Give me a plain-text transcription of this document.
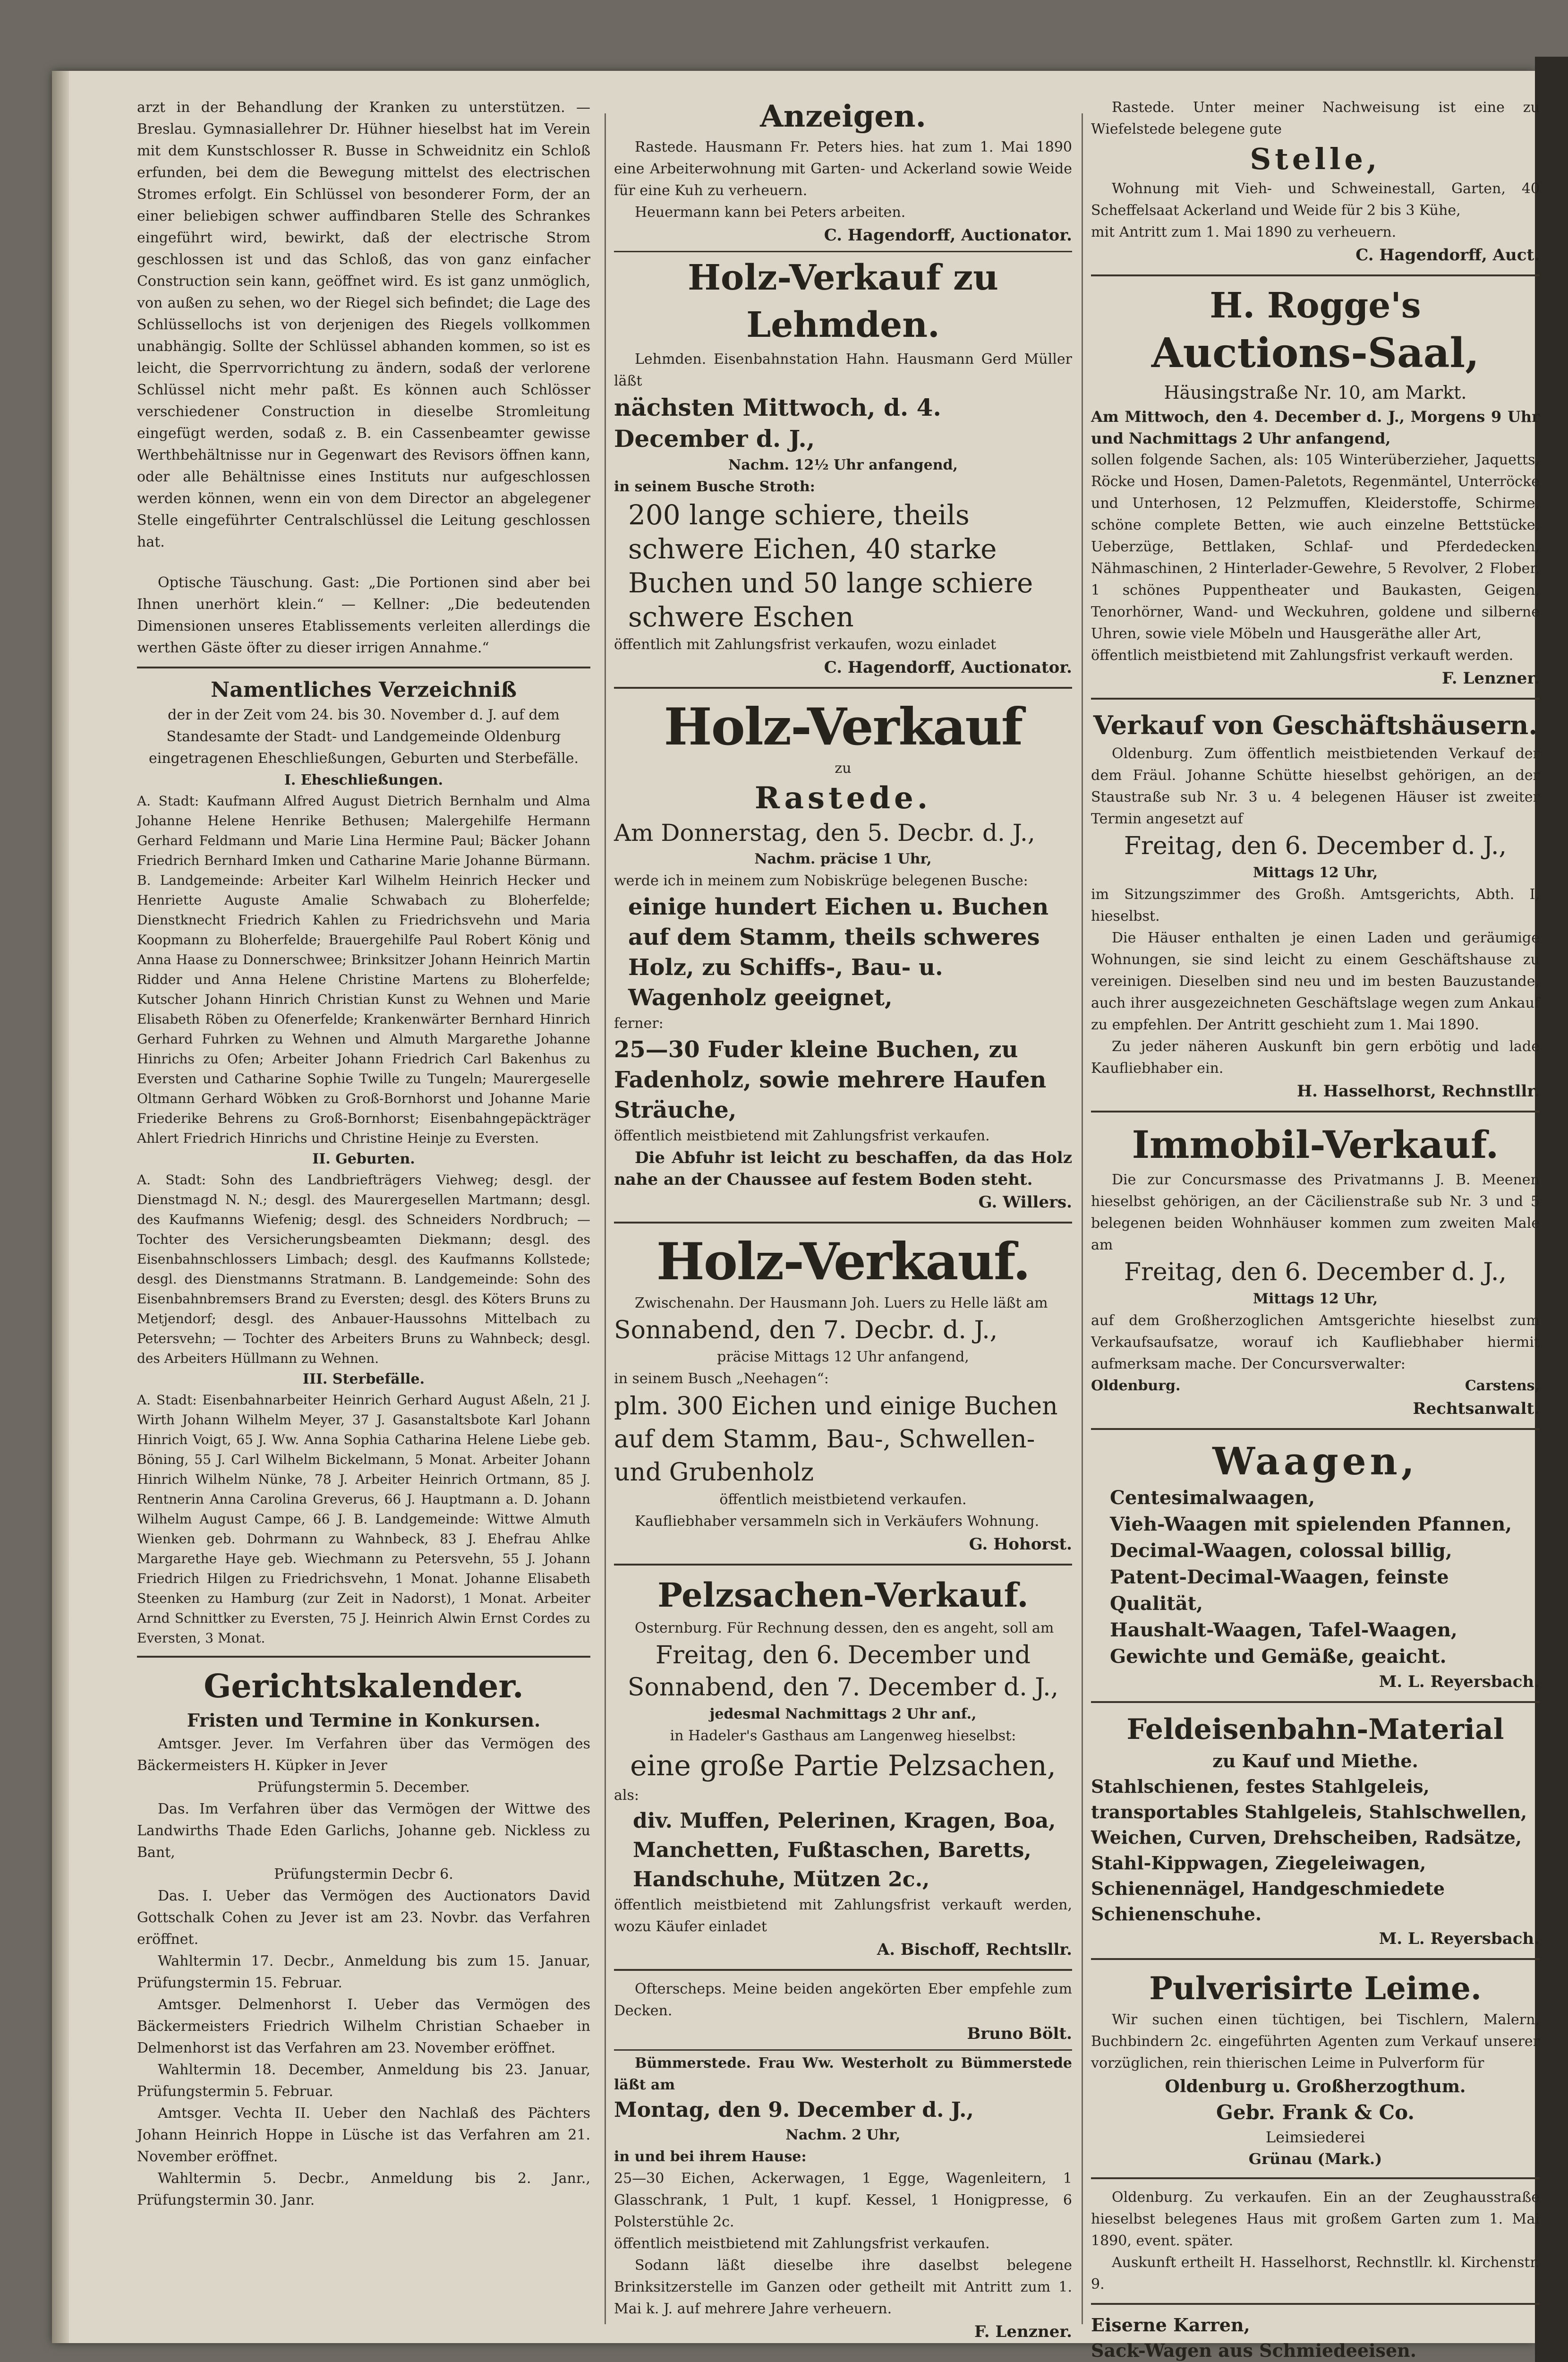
arzt in der Behandlung der Kranken zu unterstützen. — Breslau. Gymnasiallehrer Dr. Hühner hieselbst hat im Verein mit dem Kunstschlosser R. Busse in Schweidnitz ein Schloß erfunden, bei dem die Bewegung mittelst des electrischen Stromes erfolgt. Ein Schlüssel von besonderer Form, der an einer beliebigen schwer auffindbaren Stelle des Schrankes eingeführt wird, bewirkt, daß der electrische Strom geschlossen ist und das Schloß, das von ganz einfacher Construction sein kann, geöffnet wird. Es ist ganz unmöglich, von außen zu sehen, wo der Riegel sich befindet; die Lage des Schlüssellochs ist von derjenigen des Riegels vollkommen unabhängig. Sollte der Schlüssel abhanden kommen, so ist es leicht, die Sperrvorrichtung zu ändern, sodaß der verlorene Schlüssel nicht mehr paßt. Es können auch Schlösser verschiedener Construction in dieselbe Stromleitung eingefügt werden, sodaß z. B. ein Cassenbeamter gewisse Werthbehältnisse nur in Gegenwart des Revisors öffnen kann, oder alle Behältnisse eines Instituts nur aufgeschlossen werden können, wenn ein von dem Director an abgelegener Stelle eingeführter Centralschlüssel die Leitung geschlossen hat.

Optische Täuschung. Gast: „Die Portionen sind aber bei Ihnen unerhört klein.“ — Kellner: „Die bedeutenden Dimensionen unseres Etablissements verleiten allerdings die werthen Gäste öfter zu dieser irrigen Annahme.“

Namentliches Verzeichniß

der in der Zeit vom 24. bis 30. November d. J. auf dem Standesamte der Stadt- und Landgemeinde Oldenburg eingetragenen Eheschließungen, Geburten und Sterbefälle.

I. Eheschließungen.

A. Stadt: Kaufmann Alfred August Dietrich Bernhalm und Alma Johanne Helene Henrike Bethusen; Malergehilfe Hermann Gerhard Feldmann und Marie Lina Hermine Paul; Bäcker Johann Friedrich Bernhard Imken und Catharine Marie Johanne Bürmann. B. Landgemeinde: Arbeiter Karl Wilhelm Heinrich Hecker und Henriette Auguste Amalie Schwabach zu Bloherfelde; Dienstknecht Friedrich Kahlen zu Friedrichsvehn und Maria Koopmann zu Bloherfelde; Brauergehilfe Paul Robert König und Anna Haase zu Donnerschwee; Brinksitzer Johann Heinrich Martin Ridder und Anna Helene Christine Martens zu Bloherfelde; Kutscher Johann Hinrich Christian Kunst zu Wehnen und Marie Elisabeth Röben zu Ofenerfelde; Krankenwärter Bernhard Hinrich Gerhard Fuhrken zu Wehnen und Almuth Margarethe Johanne Hinrichs zu Ofen; Arbeiter Johann Friedrich Carl Bakenhus zu Eversten und Catharine Sophie Twille zu Tungeln; Maurergeselle Oltmann Gerhard Wöbken zu Groß-Bornhorst und Johanne Marie Friederike Behrens zu Groß-Bornhorst; Eisenbahngepäckträger Ahlert Friedrich Hinrichs und Christine Heinje zu Eversten.

II. Geburten.

A. Stadt: Sohn des Landbriefträgers Viehweg; desgl. der Dienstmagd N. N.; desgl. des Maurergesellen Martmann; desgl. des Kaufmanns Wiefenig; desgl. des Schneiders Nordbruch; — Tochter des Versicherungsbeamten Diekmann; desgl. des Eisenbahnschlossers Limbach; desgl. des Kaufmanns Kollstede; desgl. des Dienstmanns Stratmann. B. Landgemeinde: Sohn des Eisenbahnbremsers Brand zu Eversten; desgl. des Köters Bruns zu Metjendorf; desgl. des Anbauer-Haussohns Mittelbach zu Petersvehn; — Tochter des Arbeiters Bruns zu Wahnbeck; desgl. des Arbeiters Hüllmann zu Wehnen.

III. Sterbefälle.

A. Stadt: Eisenbahnarbeiter Heinrich Gerhard August Aßeln, 21 J. Wirth Johann Wilhelm Meyer, 37 J. Gasanstaltsbote Karl Johann Hinrich Voigt, 65 J. Ww. Anna Sophia Catharina Helene Liebe geb. Böning, 55 J. Carl Wilhelm Bickelmann, 5 Monat. Arbeiter Johann Hinrich Wilhelm Nünke, 78 J. Arbeiter Heinrich Ortmann, 85 J. Rentnerin Anna Carolina Greverus, 66 J. Hauptmann a. D. Johann Wilhelm August Campe, 66 J. B. Landgemeinde: Wittwe Almuth Wienken geb. Dohrmann zu Wahnbeck, 83 J. Ehefrau Ahlke Margarethe Haye geb. Wiechmann zu Petersvehn, 55 J. Johann Friedrich Hilgen zu Friedrichsvehn, 1 Monat. Johanne Elisabeth Steenken zu Hamburg (zur Zeit in Nadorst), 1 Monat. Arbeiter Arnd Schnittker zu Eversten, 75 J. Heinrich Alwin Ernst Cordes zu Eversten, 3 Monat.

Gerichtskalender.

Fristen und Termine in Konkursen.

Amtsger. Jever. Im Verfahren über das Vermögen des Bäckermeisters H. Küpker in Jever

Prüfungstermin 5. December.

Das. Im Verfahren über das Vermögen der Wittwe des Landwirths Thade Eden Garlichs, Johanne geb. Nickless zu Bant,

Prüfungstermin Decbr 6.

Das. I. Ueber das Vermögen des Auctionators David Gottschalk Cohen zu Jever ist am 23. Novbr. das Verfahren eröffnet.

Wahltermin 17. Decbr., Anmeldung bis zum 15. Januar, Prüfungstermin 15. Februar.

Amtsger. Delmenhorst I. Ueber das Vermögen des Bäckermeisters Friedrich Wilhelm Christian Schaeber in Delmenhorst ist das Verfahren am 23. November eröffnet.

Wahltermin 18. December, Anmeldung bis 23. Januar, Prüfungstermin 5. Februar.

Amtsger. Vechta II. Ueber den Nachlaß des Pächters Johann Heinrich Hoppe in Lüsche ist das Verfahren am 21. November eröffnet.

Wahltermin 5. Decbr., Anmeldung bis 2. Janr., Prüfungstermin 30. Janr.

Anzeigen.

Rastede. Hausmann Fr. Peters hies. hat zum 1. Mai 1890 eine Arbeiterwohnung mit Garten- und Ackerland sowie Weide für eine Kuh zu verheuern.

Heuermann kann bei Peters arbeiten.

C. Hagendorff, Auctionator.

Holz-Verkauf zu Lehmden.

Lehmden. Eisenbahnstation Hahn. Hausmann Gerd Müller läßt

nächsten Mittwoch, d. 4. December d. J.,

Nachm. 12½ Uhr anfangend,

in seinem Busche Stroth:

200 lange schiere, theils schwere Eichen, 40 starke Buchen und 50 lange schiere schwere Eschen

öffentlich mit Zahlungsfrist verkaufen, wozu einladet

C. Hagendorff, Auctionator.

Holz-Verkauf

zu

Rastede.

Am Donnerstag, den 5. Decbr. d. J.,

Nachm. präcise 1 Uhr,

werde ich in meinem zum Nobiskrüge belegenen Busche:

einige hundert Eichen u. Buchen auf dem Stamm, theils schweres Holz, zu Schiffs-, Bau- u. Wagenholz geeignet,

ferner:

25—30 Fuder kleine Buchen, zu Fadenholz, sowie mehrere Haufen Sträuche,

öffentlich meistbietend mit Zahlungsfrist verkaufen.

Die Abfuhr ist leicht zu beschaffen, da das Holz nahe an der Chaussee auf festem Boden steht.

G. Willers.

Holz-Verkauf.

Zwischenahn. Der Hausmann Joh. Luers zu Helle läßt am

Sonnabend, den 7. Decbr. d. J.,

präcise Mittags 12 Uhr anfangend,

in seinem Busch „Neehagen“:

plm. 300 Eichen und einige Buchen auf dem Stamm, Bau-, Schwellen- und Grubenholz

öffentlich meistbietend verkaufen.

Kaufliebhaber versammeln sich in Verkäufers Wohnung.

G. Hohorst.

Pelzsachen-Verkauf.

Osternburg. Für Rechnung dessen, den es angeht, soll am

Freitag, den 6. December und Sonnabend, den 7. December d. J.,

jedesmal Nachmittags 2 Uhr anf.,

in Hadeler's Gasthaus am Langenweg hieselbst:

eine große Partie Pelzsachen,

als:

div. Muffen, Pelerinen, Kragen, Boa, Manchetten, Fußtaschen, Baretts, Handschuhe, Mützen 2c.,

öffentlich meistbietend mit Zahlungsfrist verkauft werden, wozu Käufer einladet

A. Bischoff, Rechtsllr.

Ofterscheps. Meine beiden angekörten Eber empfehle zum Decken.

Bruno Bölt.

Bümmerstede. Frau Ww. Westerholt zu Bümmerstede läßt am

Montag, den 9. December d. J.,

Nachm. 2 Uhr,

in und bei ihrem Hause:

25—30 Eichen, Ackerwagen, 1 Egge, Wagenleitern, 1 Glasschrank, 1 Pult, 1 kupf. Kessel, 1 Honigpresse, 6 Polsterstühle 2c.

öffentlich meistbietend mit Zahlungsfrist verkaufen.

Sodann läßt dieselbe ihre daselbst belegene Brinksitzerstelle im Ganzen oder getheilt mit Antritt zum 1. Mai k. J. auf mehrere Jahre verheuern.

F. Lenzner.

Rastede. Unter meiner Nachweisung ist eine zu Wiefelstede belegene gute

Stelle,

Wohnung mit Vieh- und Schweinestall, Garten, 40 Scheffelsaat Ackerland und Weide für 2 bis 3 Kühe,

mit Antritt zum 1. Mai 1890 zu verheuern.

C. Hagendorff, Auct.

H. Rogge's

Auctions-Saal,

Häusingstraße Nr. 10, am Markt.

Am Mittwoch, den 4. December d. J., Morgens 9 Uhr und Nachmittags 2 Uhr anfangend,

sollen folgende Sachen, als: 105 Winterüberzieher, Jaquetts, Röcke und Hosen, Damen-Paletots, Regenmäntel, Unterröcke und Unterhosen, 12 Pelzmuffen, Kleiderstoffe, Schirme, schöne complete Betten, wie auch einzelne Bettstücke, Ueberzüge, Bettlaken, Schlaf- und Pferdedecken, Nähmaschinen, 2 Hinterlader-Gewehre, 5 Revolver, 2 Flober, 1 schönes Puppentheater und Baukasten, Geigen, Tenorhörner, Wand- und Weckuhren, goldene und silberne Uhren, sowie viele Möbeln und Hausgeräthe aller Art,

öffentlich meistbietend mit Zahlungsfrist verkauft werden.

F. Lenzner.

Verkauf von Geschäftshäusern.

Oldenburg. Zum öffentlich meistbietenden Verkauf der dem Fräul. Johanne Schütte hieselbst gehörigen, an der Staustraße sub Nr. 3 u. 4 belegenen Häuser ist zweiter Termin angesetzt auf

Freitag, den 6. December d. J.,

Mittags 12 Uhr,

im Sitzungszimmer des Großh. Amtsgerichts, Abth. I, hieselbst.

Die Häuser enthalten je einen Laden und geräumige Wohnungen, sie sind leicht zu einem Geschäftshause zu vereinigen. Dieselben sind neu und im besten Bauzustande, auch ihrer ausgezeichneten Geschäftslage wegen zum Ankauf zu empfehlen. Der Antritt geschieht zum 1. Mai 1890.

Zu jeder näheren Auskunft bin gern erbötig und lade Kaufliebhaber ein.

H. Hasselhorst, Rechnstllr.

Immobil-Verkauf.

Die zur Concursmasse des Privatmanns J. B. Meenen hieselbst gehörigen, an der Cäcilienstraße sub Nr. 3 und 5 belegenen beiden Wohnhäuser kommen zum zweiten Male am

Freitag, den 6. December d. J.,

Mittags 12 Uhr,

auf dem Großherzoglichen Amtsgerichte hieselbst zum Verkaufsaufsatze, worauf ich Kaufliebhaber hiermit aufmerksam mache. Der Concursverwalter:

Oldenburg.	Carstens,

Rechtsanwalt.

Waagen,

Centesimalwaagen,

Vieh-Waagen mit spielenden Pfannen,

Decimal-Waagen, colossal billig,

Patent-Decimal-Waagen, feinste Qualität,

Haushalt-Waagen, Tafel-Waagen,

Gewichte und Gemäße, geaicht.

M. L. Reyersbach.

Feldeisenbahn-Material

zu Kauf und Miethe.

Stahlschienen, festes Stahlgeleis, transportables Stahlgeleis, Stahlschwellen, Weichen, Curven, Drehscheiben, Radsätze, Stahl-Kippwagen, Ziegeleiwagen, Schienennägel, Handgeschmiedete Schienenschuhe.

M. L. Reyersbach.

Pulverisirte Leime.

Wir suchen einen tüchtigen, bei Tischlern, Malern, Buchbindern 2c. eingeführten Agenten zum Verkauf unserer vorzüglichen, rein thierischen Leime in Pulverform für

Oldenburg u. Großherzogthum.

Gebr. Frank & Co.

Leimsiederei

Grünau (Mark.)

Oldenburg. Zu verkaufen. Ein an der Zeughausstraße hieselbst belegenes Haus mit großem Garten zum 1. Mai 1890, event. später.

Auskunft ertheilt H. Hasselhorst, Rechnstllr. kl. Kirchenstr. 9.

Eiserne Karren,

Sack-Wagen aus Schmiedeeisen.
